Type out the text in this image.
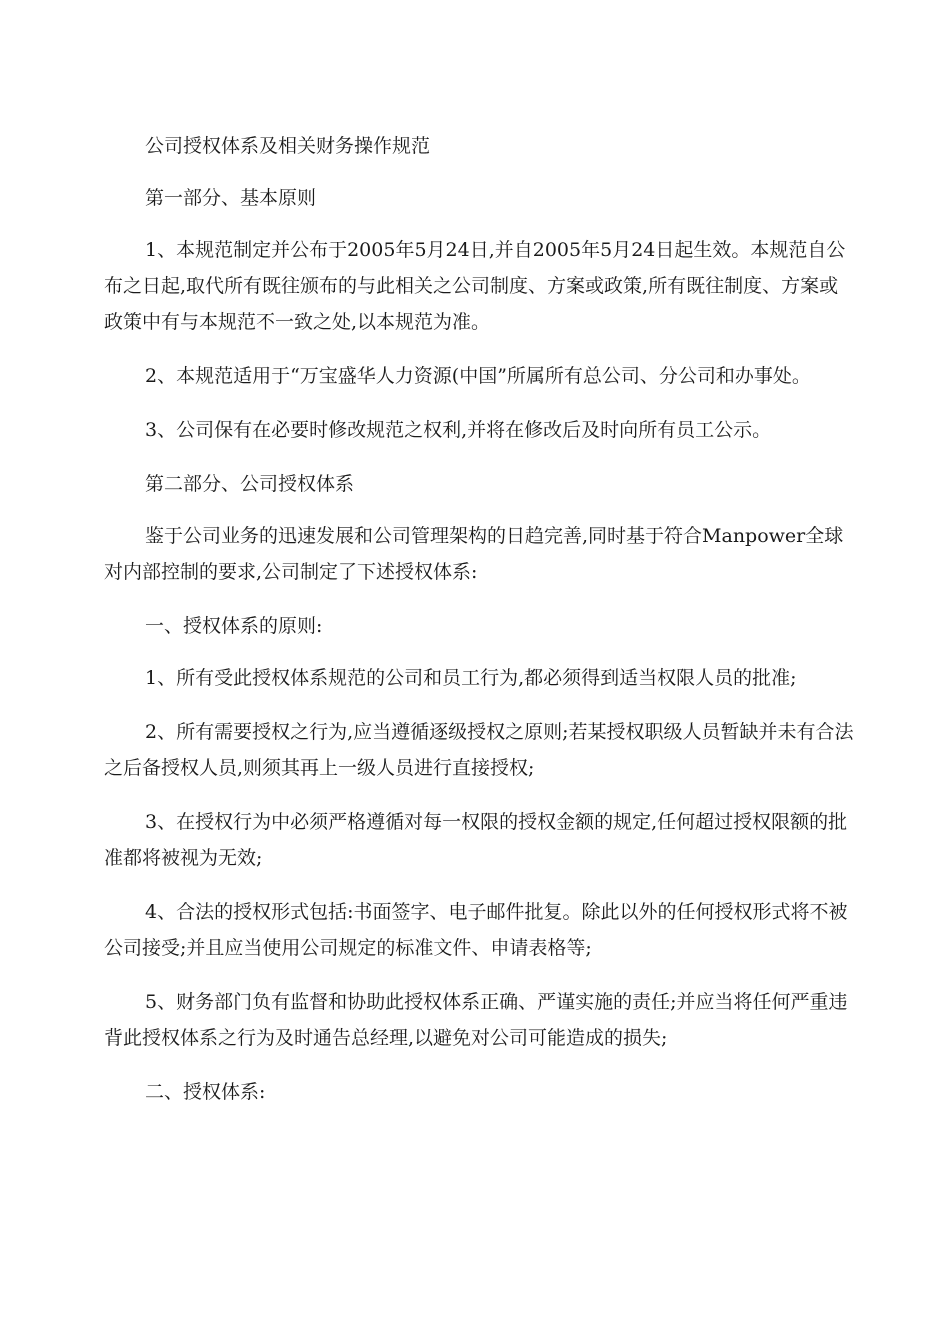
公司授权体系及相关财务操作规范

第一部分、基本原则

1、本规范制定并公布于2005年5月24日,并自2005年5月24日起生效。本规范自公布之日起,取代所有既往颁布的与此相关之公司制度、方案或政策,所有既往制度、方案或政策中有与本规范不一致之处,以本规范为准。

2、本规范适用于“万宝盛华人力资源(中国”所属所有总公司、分公司和办事处。

3、公司保有在必要时修改规范之权利,并将在修改后及时向所有员工公示。

第二部分、公司授权体系

鉴于公司业务的迅速发展和公司管理架构的日趋完善,同时基于符合Manpower全球对内部控制的要求,公司制定了下述授权体系:

一、授权体系的原则:

1、所有受此授权体系规范的公司和员工行为,都必须得到适当权限人员的批准;

2、所有需要授权之行为,应当遵循逐级授权之原则;若某授权职级人员暂缺并未有合法之后备授权人员,则须其再上一级人员进行直接授权;

3、在授权行为中必须严格遵循对每一权限的授权金额的规定,任何超过授权限额的批准都将被视为无效;

4、合法的授权形式包括:书面签字、电子邮件批复。除此以外的任何授权形式将不被公司接受;并且应当使用公司规定的标准文件、申请表格等;

5、财务部门负有监督和协助此授权体系正确、严谨实施的责任;并应当将任何严重违背此授权体系之行为及时通告总经理,以避免对公司可能造成的损失;

二、授权体系:
